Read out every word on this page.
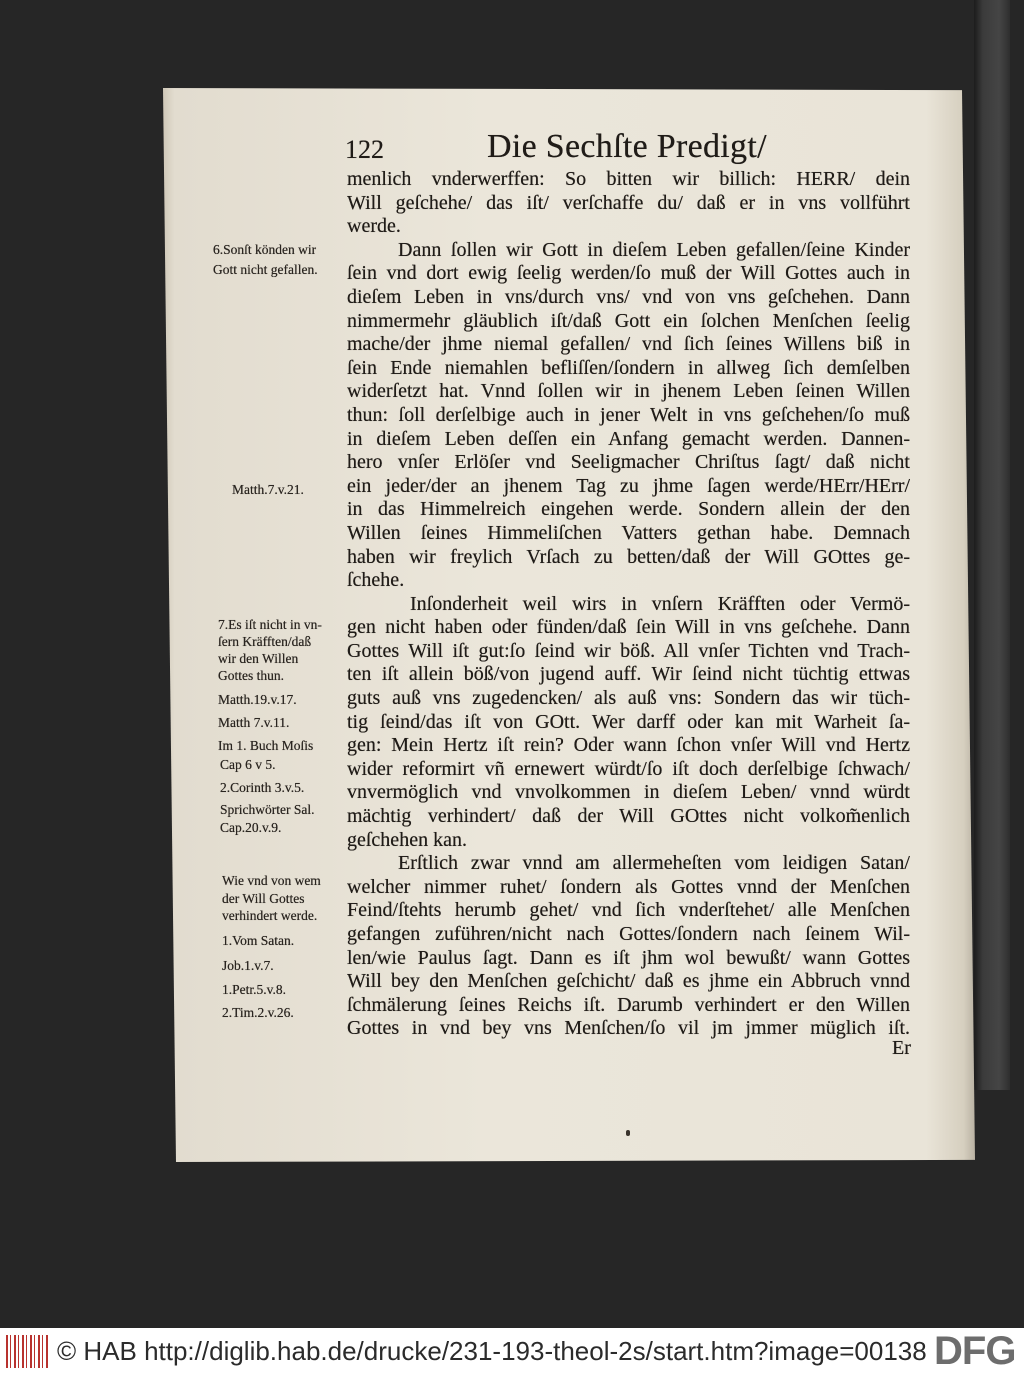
122	Die Sechſte Predigt/
menlich vnderwerffen: So bitten wir billich: HERR/ dein
Will geſchehe/ das iſt/ verſchaffe du/ daß er in vns vollführt
werde.
Dann ſollen wir Gott in dieſem Leben gefallen/ſeine Kinder
ſein vnd dort ewig ſeelig werden/ſo muß der Will Gottes auch in
dieſem Leben in vns/durch vns/ vnd von vns geſchehen. Dann
nimmermehr gläublich iſt/daß Gott ein ſolchen Menſchen ſeelig
mache/der jhme niemal gefallen/ vnd ſich ſeines Willens biß in
ſein Ende niemahlen befliſſen/ſondern in allweg ſich demſelben
widerſetzt hat. Vnnd ſollen wir in jhenem Leben ſeinen Willen
thun: ſoll derſelbige auch in jener Welt in vns geſchehen/ſo muß
in dieſem Leben deſſen ein Anfang gemacht werden. Dannen-
hero vnſer Erlöſer vnd Seeligmacher Chriſtus ſagt/ daß nicht
ein jeder/der an jhenem Tag zu jhme ſagen werde/HErr/HErr/
in das Himmelreich eingehen werde. Sondern allein der den
Willen ſeines Himmeliſchen Vatters gethan habe. Demnach
haben wir freylich Vrſach zu betten/daß der Will GOttes ge-
ſchehe.
Inſonderheit weil wirs in vnſern Kräfften oder Vermö-
gen nicht haben oder fünden/daß ſein Will in vns geſchehe. Dann
Gottes Will iſt gut:ſo ſeind wir böß. All vnſer Tichten vnd Trach-
ten iſt allein böß/von jugend auff. Wir ſeind nicht tüchtig ettwas
guts auß vns zugedencken/ als auß vns: Sondern das wir tüch-
tig ſeind/das iſt von GOtt. Wer darff oder kan mit Warheit ſa-
gen: Mein Hertz iſt rein? Oder wann ſchon vnſer Will vnd Hertz
wider reformirt vñ ernewert würdt/ſo iſt doch derſelbige ſchwach/
vnvermöglich vnd vnvolkommen in dieſem Leben/ vnnd würdt
mächtig verhindert/ daß der Will GOttes nicht volkom̃enlich
geſchehen kan.
Erſtlich zwar vnnd am allermeheſten vom leidigen Satan/
welcher nimmer ruhet/ ſondern als Gottes vnnd der Menſchen
Feind/ſtehts herumb gehet/ vnd ſich vnderſtehet/ alle Menſchen
gefangen zuführen/nicht nach Gottes/ſondern nach ſeinem Wil-
len/wie Paulus ſagt. Dann es iſt jhm wol bewußt/ wann Gottes
Will bey den Menſchen geſchicht/ daß es jhme ein Abbruch vnnd
ſchmälerung ſeines Reichs iſt. Darumb verhindert er den Willen
Gottes in vnd bey vns Menſchen/ſo vil jm jmmer müglich iſt.
Er
6.Sonſt könden wir
Gott nicht gefallen.
Matth.7.v.21.
7.Es iſt nicht in vn-
ſern Kräfften/daß
wir den Willen
Gottes thun.
Matth.19.v.17.
Matth 7.v.11.
Im 1. Buch Moſis
Cap 6 v 5.
2.Corinth 3.v.5.
Sprichwörter Sal.
Cap.20.v.9.
Wie vnd von wem
der Will Gottes
verhindert werde.
1.Vom Satan.
Job.1.v.7.
1.Petr.5.v.8.
2.Tim.2.v.26.
© HAB http://diglib.hab.de/drucke/231-193-theol-2s/start.htm?image=00138 DFG
